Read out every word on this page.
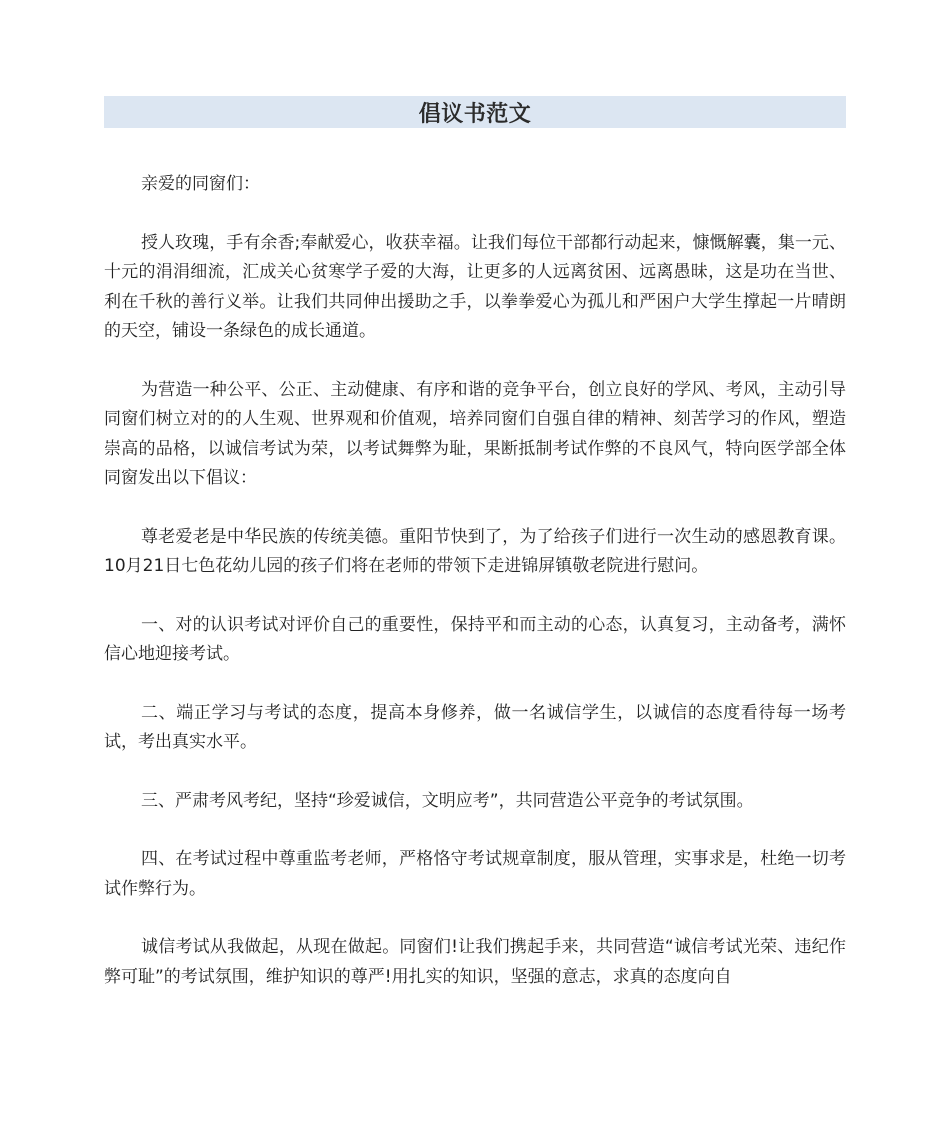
倡议书范文

亲爱的同窗们：

授人玫瑰，手有余香;奉献爱心，收获幸福。让我们每位干部都行动起来，慷慨解囊，集一元、十元的涓涓细流，汇成关心贫寒学子爱的大海，让更多的人远离贫困、远离愚昧，这是功在当世、利在千秋的善行义举。让我们共同伸出援助之手，以拳拳爱心为孤儿和严困户大学生撑起一片晴朗的天空，铺设一条绿色的成长通道。

为营造一种公平、公正、主动健康、有序和谐的竞争平台，创立良好的学风、考风，主动引导同窗们树立对的的人生观、世界观和价值观，培养同窗们自强自律的精神、刻苦学习的作风，塑造崇高的品格，以诚信考试为荣，以考试舞弊为耻，果断抵制考试作弊的不良风气，特向医学部全体同窗发出以下倡议：

尊老爱老是中华民族的传统美德。重阳节快到了，为了给孩子们进行一次生动的感恩教育课。10月21日七色花幼儿园的孩子们将在老师的带领下走进锦屏镇敬老院进行慰问。

一、对的认识考试对评价自己的重要性，保持平和而主动的心态，认真复习，主动备考，满怀信心地迎接考试。

二、端正学习与考试的态度，提高本身修养，做一名诚信学生，以诚信的态度看待每一场考试，考出真实水平。

三、严肃考风考纪，坚持“珍爱诚信，文明应考”，共同营造公平竞争的考试氛围。

四、在考试过程中尊重监考老师，严格恪守考试规章制度，服从管理，实事求是，杜绝一切考试作弊行为。

诚信考试从我做起，从现在做起。同窗们!让我们携起手来，共同营造“诚信考试光荣、违纪作弊可耻”的考试氛围，维护知识的尊严!用扎实的知识，坚强的意志，求真的态度向自
